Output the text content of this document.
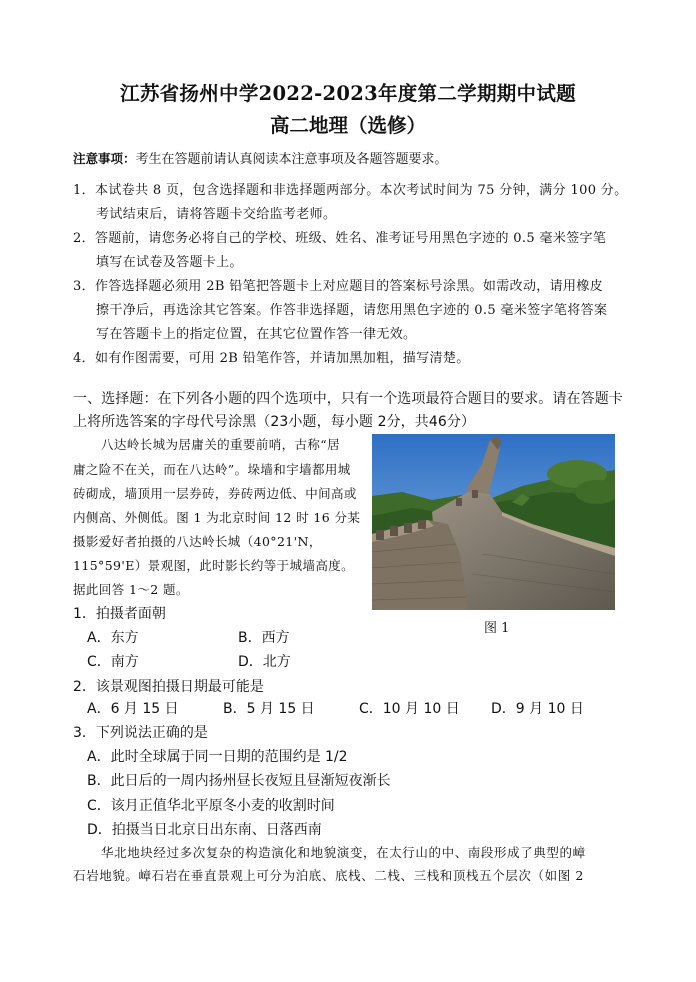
江苏省扬州中学2022-2023年度第二学期期中试题
高二地理（选修）
注意事项：考生在答题前请认真阅读本注意事项及各题答题要求。
1．本试卷共 8 页，包含选择题和非选择题两部分。本次考试时间为 75 分钟，满分 100 分。
考试结束后，请将答题卡交给监考老师。
2．答题前，请您务必将自己的学校、班级、姓名、准考证号用黑色字迹的 0.5 毫米签字笔
填写在试卷及答题卡上。
3．作答选择题必须用 2B 铅笔把答题卡上对应题目的答案标号涂黑。如需改动，请用橡皮
擦干净后，再选涂其它答案。作答非选择题，请您用黑色字迹的 0.5 毫米签字笔将答案
写在答题卡上的指定位置，在其它位置作答一律无效。
4．如有作图需要，可用 2B 铅笔作答，并请加黑加粗，描写清楚。
一、选择题：在下列各小题的四个选项中，只有一个选项最符合题目的要求。请在答题卡
上将所选答案的字母代号涂黑（23小题，每小题 2分，共46分）
八达岭长城为居庸关的重要前哨，古称“居
庸之险不在关，而在八达岭”。垛墙和宇墙都用城
砖砌成，墙顶用一层券砖，券砖两边低、中间高或
内侧高、外侧低。图 1 为北京时间 12 时 16 分某
摄影爱好者拍摄的八达岭长城（40°21'N，
115°59'E）景观图，此时影长约等于城墙高度。
据此回答 1～2 题。
图 1
1．拍摄者面朝
A．东方	B．西方
C．南方	D．北方
2．该景观图拍摄日期最可能是
A．6 月 15 日	B．5 月 15 日	C．10 月 10 日 D．9 月 10 日
3．下列说法正确的是
A．此时全球属于同一日期的范围约是 1/2
B．此日后的一周内扬州昼长夜短且昼渐短夜渐长
C．该月正值华北平原冬小麦的收割时间
D．拍摄当日北京日出东南、日落西南
华北地块经过多次复杂的构造演化和地貌演变，在太行山的中、南段形成了典型的嶂
石岩地貌。嶂石岩在垂直景观上可分为泊底、底栈、二栈、三栈和顶栈五个层次（如图 2
